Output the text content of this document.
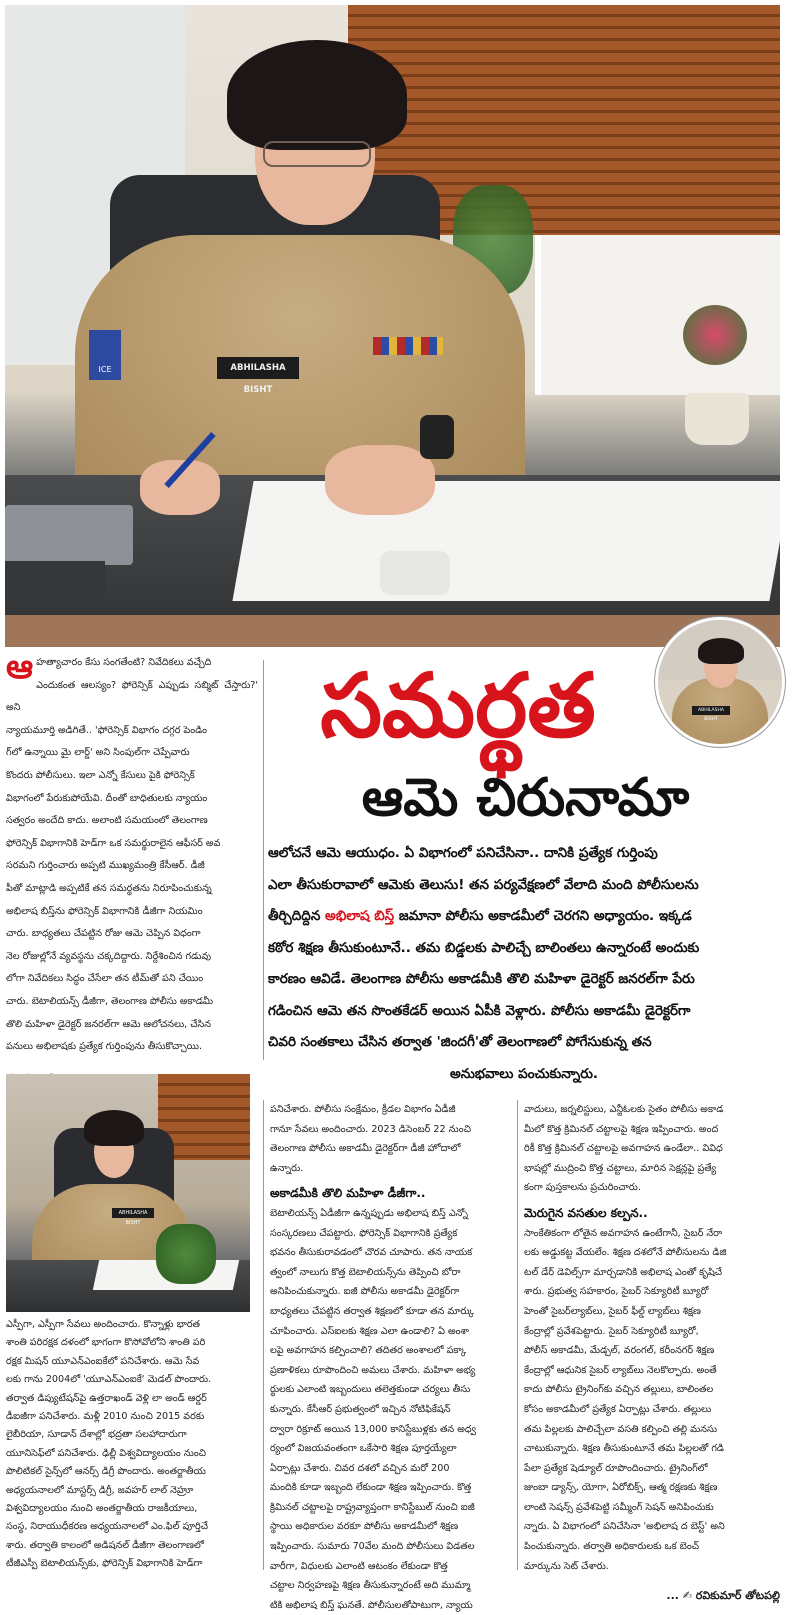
ABHILASHA BISHT
ICE
ABHILASHA BISHT
సమర్థత
ఆమె చిరునామా
ఆలోచనే ఆమె ఆయుధం. ఏ విభాగంలో పనిచేసినా.. దానికి ప్రత్యేక గుర్తింపు
ఎలా తీసుకురావాలో ఆమెకు తెలుసు! తన పర్యవేక్షణలో వేలాది మంది పోలీసులను
తీర్చిదిద్దిన అభిలాష బిస్త్ జమానా పోలీసు అకాడమీలో చెరగని అధ్యాయం. ఇక్కడ
కఠోర శిక్షణ తీసుకుంటూనే.. తమ బిడ్డలకు పాలిచ్చే బాలింతలు ఉన్నారంటే అందుకు
కారణం ఆవిడే. తెలంగాణ పోలీసు అకాడమీకి తొలి మహిళా డైరెక్టర్ జనరల్‌గా పేరు
గడించిన ఆమె తన సొంతకేడర్ అయిన ఏపీకి వెళ్లారు. పోలీసు అకాడమీ డైరెక్టర్‌గా
చివరి సంతకాలు చేసిన తర్వాత 'జిందగీ'తో తెలంగాణలో పోగేసుకున్న తన
అనుభవాలు పంచుకున్నారు.
ఆ హత్యాచారం కేసు సంగతేంటి? నివేదికలు వచ్చేది
ఎందుకంత ఆలస్యం? ఫోరెన్సిక్ ఎప్పుడు సబ్మిట్ చేస్తారు?' అని
న్యాయమూర్తి అడిగితే.. 'ఫోరెన్సిక్ విభాగం దగ్గర పెండిం
గ్‌లో ఉన్నాయి మై లార్డ్' అని సింపుల్‌గా చెప్పేవారు
కొందరు పోలీసులు. ఇలా ఎన్నో కేసులు పైకి ఫోరెన్సిక్
విభాగంలో పేరుకుపోయేవి. దీంతో బాధితులకు న్యాయం
సత్వరం అందేది కాదు. అలాంటి సమయంలో తెలంగాణ
ఫోరెన్సిక్ విభాగానికి హెడ్‌గా ఒక సమర్థురాలైన ఆఫీసర్ అవ
సరమని గుర్తించారు అప్పటి ముఖ్యమంత్రి కేసీఆర్. డీజీ
పీతో మాట్లాడి అప్పటికే తన సమర్థతను నిరూపించుకున్న
అభిలాష బిస్త్‌ను ఫోరెన్సిక్ విభాగానికి డీజీగా నియమిం
చారు. బాధ్యతలు చేపట్టిన రోజు ఆమె చెప్పిన విధంగా
నెల రోజుల్లోనే వ్యవస్థను చక్కదిద్దారు. నిర్దేశించిన గడువు
లోగా నివేదికలు సిద్ధం చేసేలా తన టీమ్‌తో పని చేయిం
చారు. బెటాలియన్స్ డీజీగా, తెలంగాణ పోలీసు అకాడమీ
తొలి మహిళా డైరెక్టర్ జనరల్‌గా ఆమె ఆలోచనలు, చేసిన
పనులు అభిలాషకు ప్రత్యేక గుర్తింపును తీసుకొచ్చాయి.
ABHILASHA BISHT
ఎస్పీగా, ఎస్పీగా సేవలు అందించారు. కొన్నాళ్లు భారత
శాంతి పరిరక్షక దళంలో భాగంగా కొసోవోలోని శాంతి పరి
రక్షక మిషన్ యూఎన్ఎంఐకేలో పనిచేశారు. ఆమె సేవ
లకు గాను 2004లో 'యూఎన్ఎంఐకే' మెడల్ పొందారు.
తర్వాత డిప్యుటేషన్‌పై ఉత్తరాఖండ్ వెళ్లి లా అండ్ ఆర్డర్
డీఐజీగా పనిచేశారు. మళ్లీ 2010 నుంచి 2015 వరకు
లైబీరియా, సూడాన్ దేశాల్లో భద్రతా సలహాదారుగా
యూనిసెఫ్‌లో పనిచేశారు. ఢిల్లీ విశ్వవిద్యాలయం నుంచి
పొలిటికల్ సైన్స్‌లో ఆనర్స్ డిగ్రీ పొందారు. అంతర్జాతీయ
అధ్యయనాలలో మాస్టర్స్ డిగ్రీ, జవహర్ లాల్ నెహ్రూ
విశ్వవిద్యాలయం నుంచి అంతర్జాతీయ రాజకీయాలు,
సంస్థ, నిరాయుధీకరణ అధ్యయనాలలో ఎం.ఫిల్ పూర్తిచే
శారు. తర్వాతి కాలంలో అడిషనల్ డీజీగా తెలంగాణలో
టీజీఎస్పీ బెటాలియన్స్‌కు, ఫోరెన్సిక్ విభాగానికి హెడ్‌గా
పనిచేశారు. పోలీసు సంక్షేమం, క్రీడల విభాగం ఏడీజీ
గానూ సేవలు అందించారు. 2023 డిసెంబర్ 22 నుంచి
తెలంగాణ పోలీసు అకాడమీ డైరెక్టర్‌గా డీజీ హోదాలో
ఉన్నారు.
అకాడమీకి తొలి మహిళా డీజీగా..
బెటాలియన్స్ ఏడీజీగా ఉన్నప్పుడు అభిలాష బిస్త్ ఎన్నో
సంస్కరణలు చేపట్టారు. ఫోరెన్సిక్ విభాగానికి ప్రత్యేక
భవనం తీసుకురావడంలో చొరవ చూపారు. తన నాయక
త్వంలో నాలుగు కొత్త బెటాలియన్స్‌ను తెప్పించి బోరా
అనిపించుకున్నారు. ఐజీ పోలీసు అకాడమీ డైరెక్టర్‌గా
బాధ్యతలు చేపట్టిన తర్వాత శిక్షణలో కూడా తన మార్కు
చూపించారు. ఎస్ఐలకు శిక్షణ ఎలా ఉండాలి? ఏ అంశా
లపై అవగాహన కల్పించాలి? తదితర అంశాలలో పక్కా
ప్రణాళికలు రూపొందించి అమలు చేశారు. మహిళా అభ్య
ర్థులకు ఎలాంటి ఇబ్బందులు తలెత్తకుండా చర్యలు తీసు
కున్నారు. కేసీఆర్ ప్రభుత్వంలో ఇచ్చిన నోటిఫికేషన్
ద్వారా రిక్రూట్ అయిన 13,000 కానిస్టేబుళ్లకు తన అధ్వ
ర్యంలో విజయవంతంగా ఒకేసారి శిక్షణ పూర్తయ్యేలా
ఏర్పాట్లు చేశారు. చివర దశలో వచ్చిన మరో 200
మందికి కూడా ఇబ్బంది లేకుండా శిక్షణ ఇప్పించారు. కొత్త
క్రిమినల్ చట్టాలపై రాష్ట్రవ్యాప్తంగా కానిస్టేబుల్ నుంచి ఐజీ
స్థాయి అధికారుల వరకూ పోలీసు అకాడమీలో శిక్షణ
ఇప్పించారు. సుమారు 70వేల మంది పోలీసులు విడతల
వారీగా, విధులకు ఎలాంటి ఆటంకం లేకుండా కొత్త
చట్టాల నిర్వహణపై శిక్షణ తీసుకున్నారంటే అది ముమ్మా
టికి అభిలాష బిస్త్ ఘనతే. పోలీసులతోపాటుగా, న్యాయ
వాదులు, జర్నలిస్టులు, ఎన్జీఓలకు సైతం పోలీసు అకాడ
మీలో కొత్త క్రిమినల్ చట్టాలపై శిక్షణ ఇప్పించారు. అంద
రికీ కొత్త క్రిమినల్ చట్టాలపై అవగాహన ఉండేలా.. వివిధ
భాషల్లో ముద్రించి కొత్త చట్టాలు, మారిన సెక్షన్లపై ప్రత్యే
కంగా పుస్తకాలను ప్రచురించారు.
మెరుగైన వసతుల కల్పన..
సాంకేతికంగా లోతైన అవగాహన ఉంటేగానీ, సైబర్ నేరా
లకు అడ్డుకట్ట వేయలేం. శిక్షణ దశలోనే పోలీసులను డిజి
టల్ డేర్ డెవిల్స్‌గా మార్చడానికి అభిలాష ఎంతో కృషిచే
శారు. ప్రభుత్వ సహకారం, సైబర్ సెక్యూరిటీ బ్యూరో
హెంతో సైబర్‌ల్యాబ్‌లు, సైబర్ ఫీల్డ్ ల్యాబ్‌లు శిక్షణ
కేంద్రాల్లో ప్రవేశపెట్టారు. సైబర్ సెక్యూరిటీ బ్యూరో,
పోలీస్ అకాడమీ, మేడ్చల్, వరంగల్, కరీంనగర్ శిక్షణ
కేంద్రాల్లో ఆధునిక సైబర్ ల్యాబ్‌లు నెలకొల్పారు. అంతే
కాదు పోలీసు ట్రైనింగ్‌కు వచ్చిన తల్లులు, బాలింతల
కోసం అకాడమీలో ప్రత్యేక ఏర్పాట్లు చేశారు. తల్లులు
తమ పిల్లలకు పాలిచ్చేలా వసతి కల్పించి తల్లి మనసు
చాటుకున్నారు. శిక్షణ తీసుకుంటూనే తమ పిల్లలతో గడి
పేలా ప్రత్యేక షెడ్యూల్ రూపొందించారు. ట్రైనింగ్‌లో
జుంబా డ్యాన్స్, యోగా, ఏరోబిక్స్, ఆత్మ రక్షణకు శిక్షణ
లాంటి సెషన్స్ ప్రవేశపెట్టి సమ్మీంగ్ సెషన్ అనిపించుకు
న్నారు. ఏ విభాగంలో పనిచేసినా 'అభిలాష ద బెస్ట్' అని
పించుకున్నారు. తర్వాతి అధికారులకు ఒక బెంచ్
మార్కును సెట్ చేశారు.
... ✍ రవికుమార్ తోటపల్లి
